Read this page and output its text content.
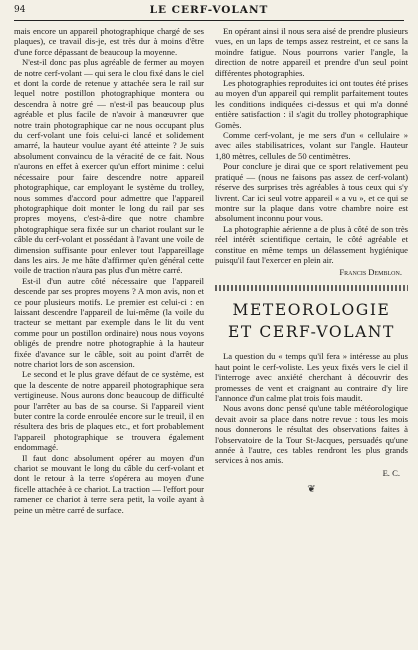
94	LE CERF-VOLANT

mais encore un appareil photographique chargé de ses plaques), ce travail dis-je, est très dur à moins d'être d'une force dépassant de beaucoup la moyenne.

N'est-il donc pas plus agréable de fermer au moyen de notre cerf-volant — qui sera le clou fixé dans le ciel et dont la corde de retenue y attachée sera le rail sur lequel notre postillon photographique montera ou descendra à notre gré — n'est-il pas beaucoup plus agréable et plus facile de n'avoir à manœuvrer que notre train photographique car ne nous occupant plus du cerf-volant une fois celui-ci lancé et solidement amarré, la hauteur voulue ayant été atteinte ? Je suis absolument convaincu de la véracité de ce fait. Nous n'aurons en effet à exercer qu'un effort minime : celui nécessaire pour faire descendre notre appareil photographique, car employant le système du trolley, nous sommes d'accord pour admettre que l'appareil photographique doit monter le long du rail par ses propres moyens, c'est-à-dire que notre chambre photographique sera fixée sur un chariot roulant sur le câble du cerf-volant et possédant à l'avant une voile de dimension suffisante pour enlever tout l'appareillage dans les airs. Je me hâte d'affirmer qu'en général cette voile de traction n'aura pas plus d'un mètre carré.

Est-il d'un autre côté nécessaire que l'appareil descende par ses propres moyens ? A mon avis, non et ce pour plusieurs motifs. Le premier est celui-ci : en laissant descendre l'appareil de lui-même (la voile du tracteur se mettant par exemple dans le lit du vent comme pour un postillon ordinaire) nous nous voyons obligés de prendre notre photographie à la hauteur fixée d'avance sur le câble, soit au point d'arrêt de notre chariot lors de son ascension.

Le second et le plus grave défaut de ce système, est que la descente de notre appareil photographique sera vertigineuse. Nous aurons donc beaucoup de difficulté pour l'arrêter au bas de sa course. Si l'appareil vient buter contre la corde enroulée encore sur le treuil, il en résultera des bris de plaques etc., et fort probablement l'appareil photographique se trouvera également endommagé.

Il faut donc absolument opérer au moyen d'un chariot se mouvant le long du câble du cerf-volant et dont le retour à la terre s'opérera au moyen d'une ficelle attachée à ce chariot. La traction — l'effort pour ramener ce chariot à terre sera petit, la voile ayant à peine un mètre carré de surface.

En opérant ainsi il nous sera aisé de prendre plusieurs vues, en un laps de temps assez restreint, et ce sans la moindre fatigue. Nous pourrons varier l'angle, la direction de notre appareil et prendre d'un seul point différentes photographies.

Les photographies reproduites ici ont toutes été prises au moyen d'un appareil qui remplit parfaitement toutes les conditions indiquées ci-dessus et qui m'a donné entière satisfaction : il s'agit du trolley photographique Gomès.

Comme cerf-volant, je me sers d'un « cellulaire » avec ailes stabilisatrices, volant sur l'angle. Hauteur 1,80 mètres, cellules de 50 centimètres.

Pour conclure je dirai que ce sport relativement peu pratiqué — (nous ne faisons pas assez de cerf-volant) réserve des surprises très agréables à tous ceux qui s'y livrent. Car ici seul votre appareil « a vu », et ce qui se montre sur la plaque dans votre chambre noire est absolument inconnu pour vous.

La photographie aérienne a de plus à côté de son très réel intérêt scientifique certain, le côté agréable et constitue en même temps un délassement hygiénique puisqu'il faut l'exercer en plein air.

Francis Demblon.
METEOROLOGIE
ET CERF-VOLANT

La question du « temps qu'il fera » intéresse au plus haut point le cerf-voliste. Les yeux fixés vers le ciel il l'interroge avec anxiété cherchant à découvrir des promesses de vent et craignant au contraire d'y lire l'annonce d'un calme plat trois fois maudit.

Nous avons donc pensé qu'une table météorologique devait avoir sa place dans notre revue : tous les mois nous donnerons le résultat des observations faites à l'observatoire de la Tour St-Jacques, persuadés qu'une année à l'autre, ces tables rendront les plus grands services à nos amis.

E. C.
❦
